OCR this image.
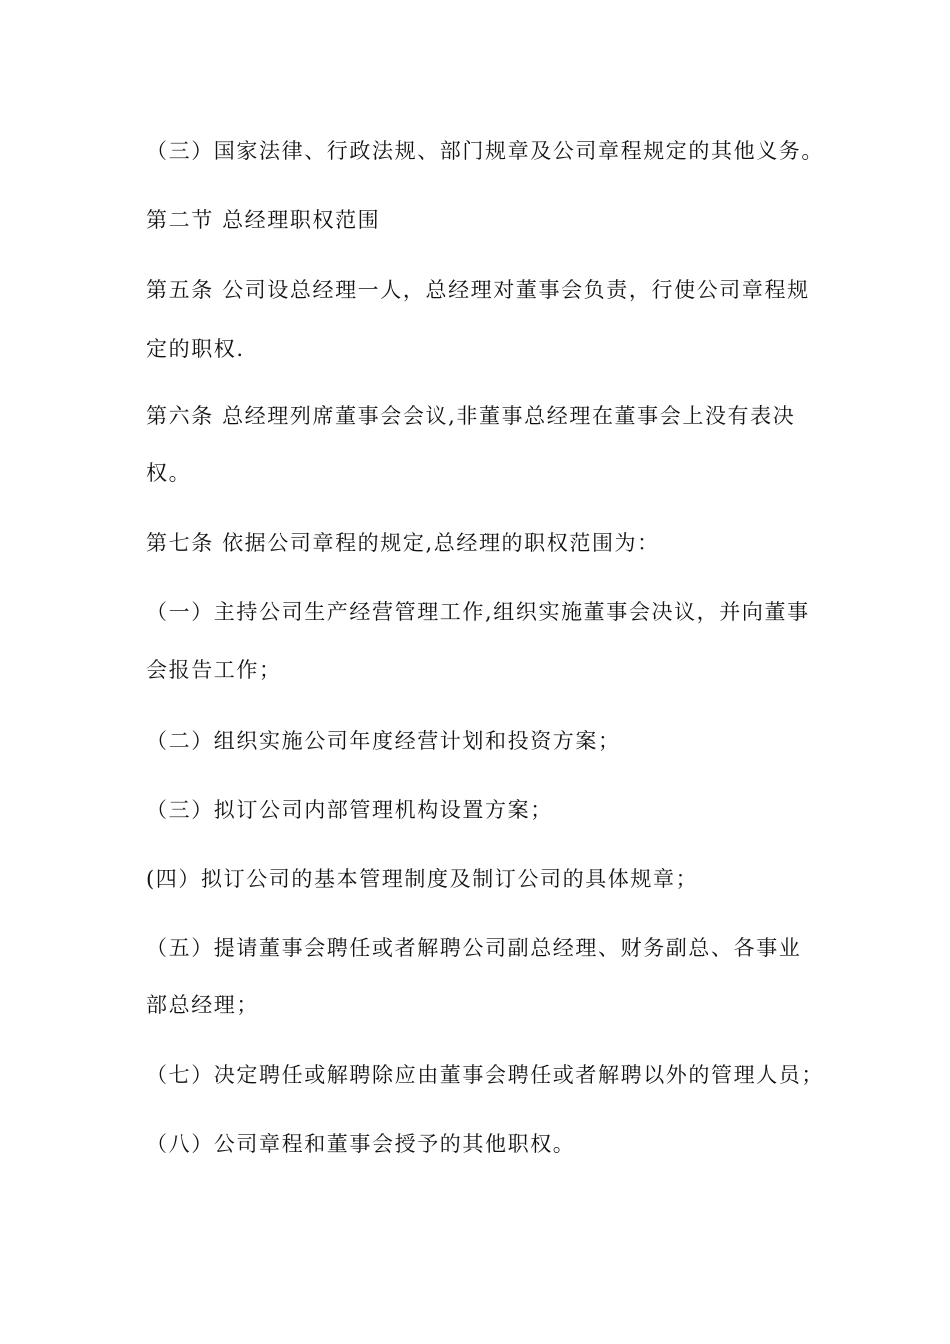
（三）国家法律、行政法规、部门规章及公司章程规定的其他义务。
第二节 总经理职权范围
第五条 公司设总经理一人，总经理对董事会负责，行使公司章程规
定的职权.
第六条 总经理列席董事会会议,非董事总经理在董事会上没有表决
权。
第七条 依据公司章程的规定,总经理的职权范围为：
（一）主持公司生产经营管理工作,组织实施董事会决议，并向董事
会报告工作；
（二）组织实施公司年度经营计划和投资方案；
（三）拟订公司内部管理机构设置方案；
(四）拟订公司的基本管理制度及制订公司的具体规章；
（五）提请董事会聘任或者解聘公司副总经理、财务副总、各事业
部总经理；
（七）决定聘任或解聘除应由董事会聘任或者解聘以外的管理人员；
（八）公司章程和董事会授予的其他职权。
